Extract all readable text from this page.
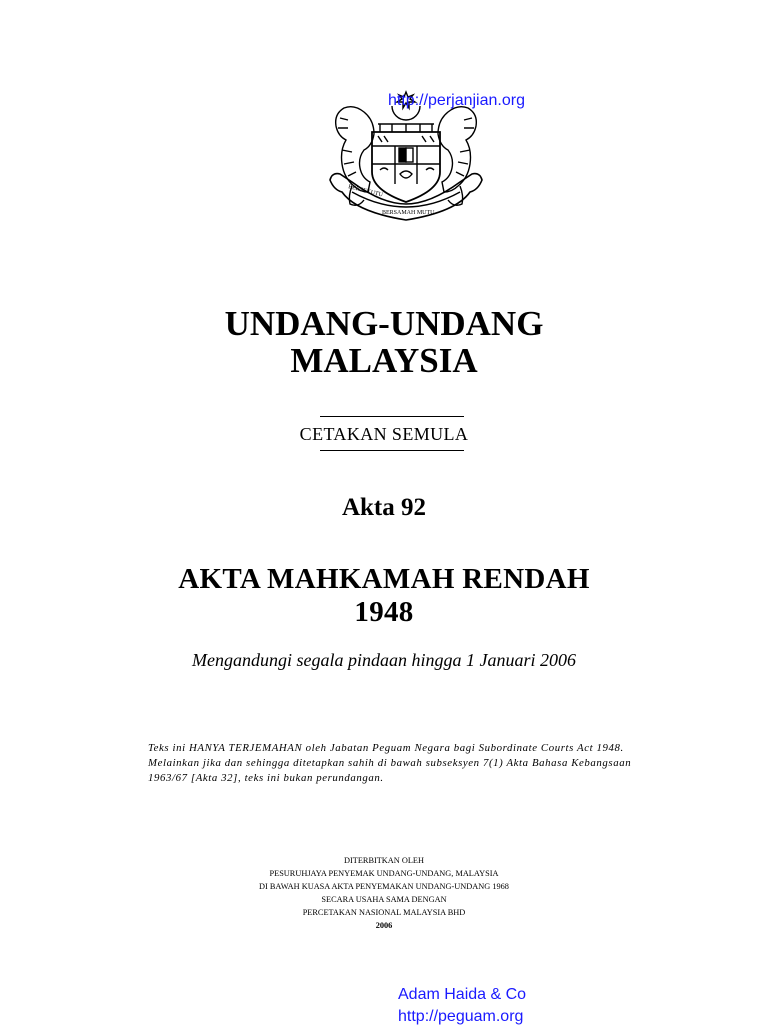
BERSEKUTU
BERSAMAH MUTU
http://perjanjian.org
UNDANG-UNDANG
MALAYSIA
CETAKAN SEMULA
Akta 92
AKTA MAHKAMAH RENDAH
1948
Mengandungi segala pindaan hingga 1 Januari 2006
Teks ini HANYA TERJEMAHAN oleh Jabatan Peguam Negara bagi Subordinate Courts Act 1948.
Melainkan jika dan sehingga ditetapkan sahih di bawah subseksyen 7(1) Akta Bahasa Kebangsaan
1963/67 [Akta 32], teks ini bukan perundangan.
DITERBITKAN OLEH
PESURUHJAYA PENYEMAK UNDANG-UNDANG, MALAYSIA
DI BAWAH KUASA AKTA PENYEMAKAN UNDANG-UNDANG 1968
SECARA USAHA SAMA DENGAN
PERCETAKAN NASIONAL MALAYSIA BHD
2006
Adam Haida & Co
http://peguam.org
